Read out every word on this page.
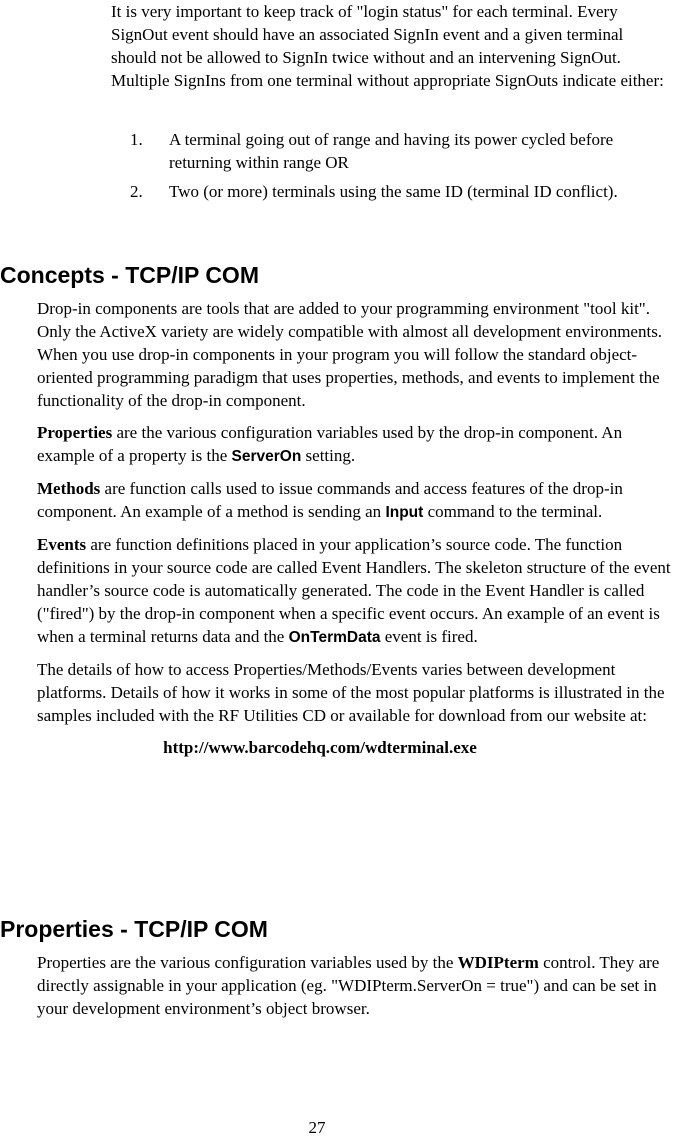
It is very important to keep track of "login status" for each terminal. Every SignOut event should have an associated SignIn event and a given terminal should not be allowed to SignIn twice without and an intervening SignOut. Multiple SignIns from one terminal without appropriate SignOuts indicate either:

1. A terminal going out of range and having its power cycled before returning within range OR
2. Two (or more) terminals using the same ID (terminal ID conflict).
Concepts - TCP/IP COM

Drop-in components are tools that are added to your programming environment "tool kit". Only the ActiveX variety are widely compatible with almost all development environments. When you use drop-in components in your program you will follow the standard object-oriented programming paradigm that uses properties, methods, and events to implement the functionality of the drop-in component.

Properties are the various configuration variables used by the drop-in component. An example of a property is the ServerOn setting.

Methods are function calls used to issue commands and access features of the drop-in component. An example of a method is sending an Input command to the terminal.

Events are function definitions placed in your application’s source code. The function definitions in your source code are called Event Handlers. The skeleton structure of the event handler’s source code is automatically generated. The code in the Event Handler is called ("fired") by the drop-in component when a specific event occurs. An example of an event is when a terminal returns data and the OnTermData event is fired.

The details of how to access Properties/Methods/Events varies between development platforms. Details of how it works in some of the most popular platforms is illustrated in the samples included with the RF Utilities CD or available for download from our website at:

http://www.barcodehq.com/wdterminal.exe

Properties - TCP/IP COM

Properties are the various configuration variables used by the WDIPterm control. They are directly assignable in your application (eg. "WDIPterm.ServerOn = true") and can be set in your development environment’s object browser.

27
